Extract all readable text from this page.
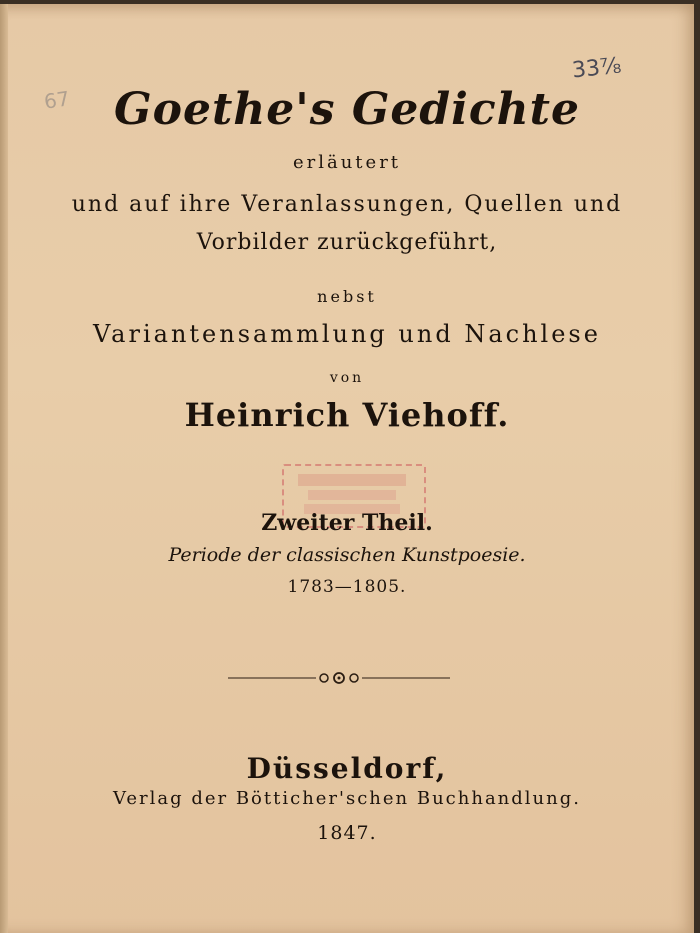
67
33⅞
Goethe's Gedichte
erläutert
und auf ihre Veranlassungen, Quellen und
Vorbilder zurückgeführt,
nebst
Variantensammlung und Nachlese
von
Heinrich Viehoff.
Zweiter Theil.
Periode der classischen Kunstpoesie.
1783—1805.
Düsseldorf,
Verlag der Bötticher'schen Buchhandlung.
1847.
